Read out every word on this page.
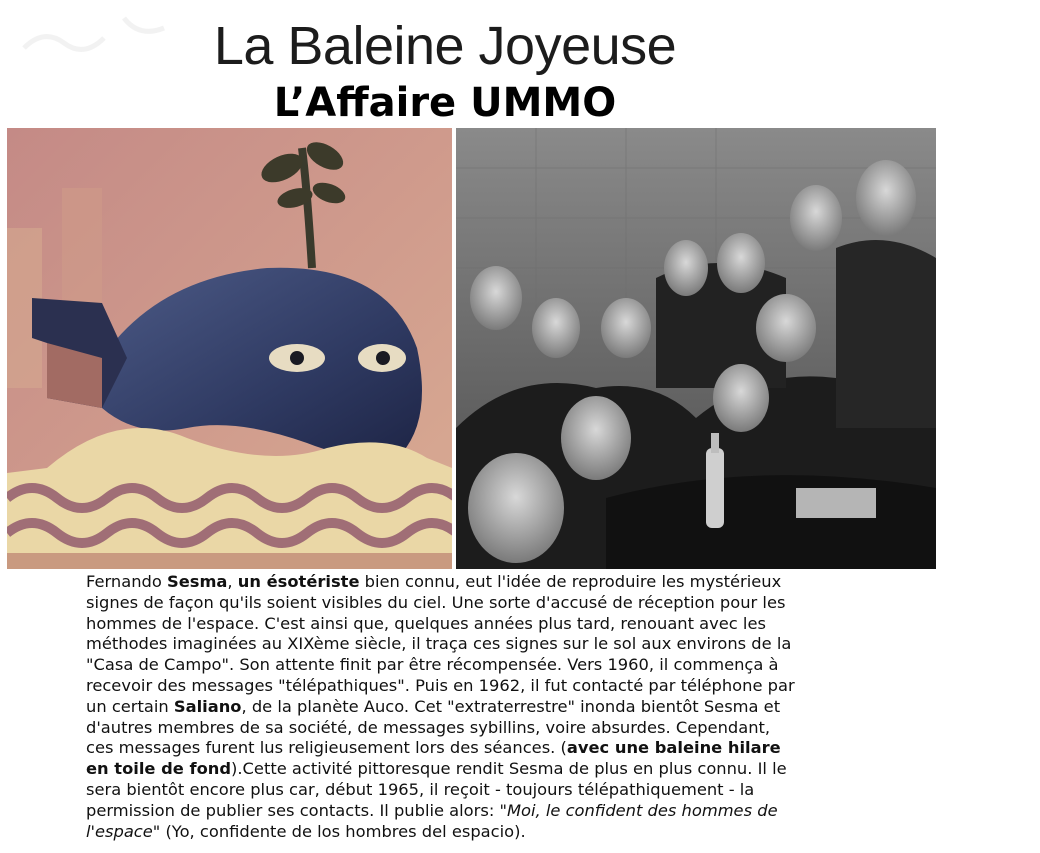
La Baleine Joyeuse
L’Affaire UMMO
Fernando Sesma, un ésotériste bien connu, eut l'idée de reproduire les mystérieux
signes de façon qu'ils soient visibles du ciel. Une sorte d'accusé de réception pour les
hommes de l'espace. C'est ainsi que, quelques années plus tard, renouant avec les
méthodes imaginées au XIXème siècle, il traça ces signes sur le sol aux environs de la
"Casa de Campo". Son attente finit par être récompensée. Vers 1960, il commença à
recevoir des messages "télépathiques". Puis en 1962, il fut contacté par téléphone par
un certain Saliano, de la planète Auco. Cet "extraterrestre" inonda bientôt Sesma et
d'autres membres de sa société, de messages sybillins, voire absurdes. Cependant,
ces messages furent lus religieusement lors des séances. (avec une baleine hilare
en toile de fond).Cette activité pittoresque rendit Sesma de plus en plus connu. Il le
sera bientôt encore plus car, début 1965, il reçoit - toujours télépathiquement - la
permission de publier ses contacts. Il publie alors: "Moi, le confident des hommes de
l'espace" (Yo, confidente de los hombres del espacio).
